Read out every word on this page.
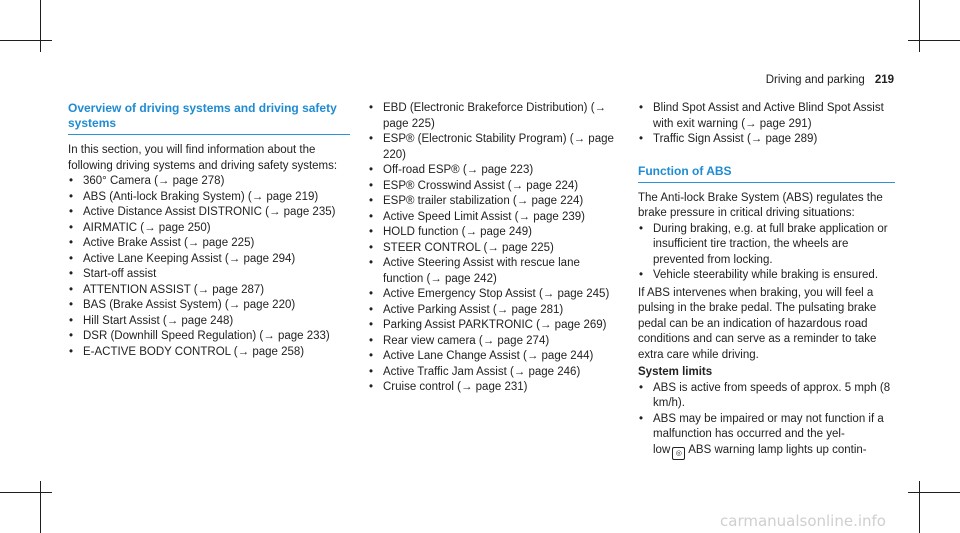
Driving and parking 219
Overview of driving systems and driving safety systems

In this section, you will find information about the following driving systems and driving safety systems:

• 360° Camera (→ page 278)
• ABS (Anti-lock Braking System) (→ page 219)
• Active Distance Assist DISTRONIC (→ page 235)
• AIRMATIC (→ page 250)
• Active Brake Assist (→ page 225)
• Active Lane Keeping Assist (→ page 294)
• Start-off assist
• ATTENTION ASSIST (→ page 287)
• BAS (Brake Assist System) (→ page 220)
• Hill Start Assist (→ page 248)
• DSR (Downhill Speed Regulation) (→ page 233)
• E-ACTIVE BODY CONTROL (→ page 258)
• EBD (Electronic Brakeforce Distribution) (→ page 225)
• ESP® (Electronic Stability Program) (→ page 220)
• Off-road ESP® (→ page 223)
• ESP® Crosswind Assist (→ page 224)
• ESP® trailer stabilization (→ page 224)
• Active Speed Limit Assist (→ page 239)
• HOLD function (→ page 249)
• STEER CONTROL (→ page 225)
• Active Steering Assist with rescue lane function (→ page 242)
• Active Emergency Stop Assist (→ page 245)
• Active Parking Assist (→ page 281)
• Parking Assist PARKTRONIC (→ page 269)
• Rear view camera (→ page 274)
• Active Lane Change Assist (→ page 244)
• Active Traffic Jam Assist (→ page 246)
• Cruise control (→ page 231)
• Blind Spot Assist and Active Blind Spot Assist with exit warning (→ page 291)
• Traffic Sign Assist (→ page 289)
Function of ABS

The Anti-lock Brake System (ABS) regulates the brake pressure in critical driving situations:

• During braking, e.g. at full brake application or insufficient tire traction, the wheels are prevented from locking.
• Vehicle steerability while braking is ensured.

If ABS intervenes when braking, you will feel a pulsing in the brake pedal. The pulsating brake pedal can be an indication of hazardous road conditions and can serve as a reminder to take extra care while driving.

System limits

• ABS is active from speeds of approx. 5 mph (8 km/h).
• ABS may be impaired or may not function if a malfunction has occurred and the yel-
low ◎ ABS warning lamp lights up contin-
carmanualsonline.info
